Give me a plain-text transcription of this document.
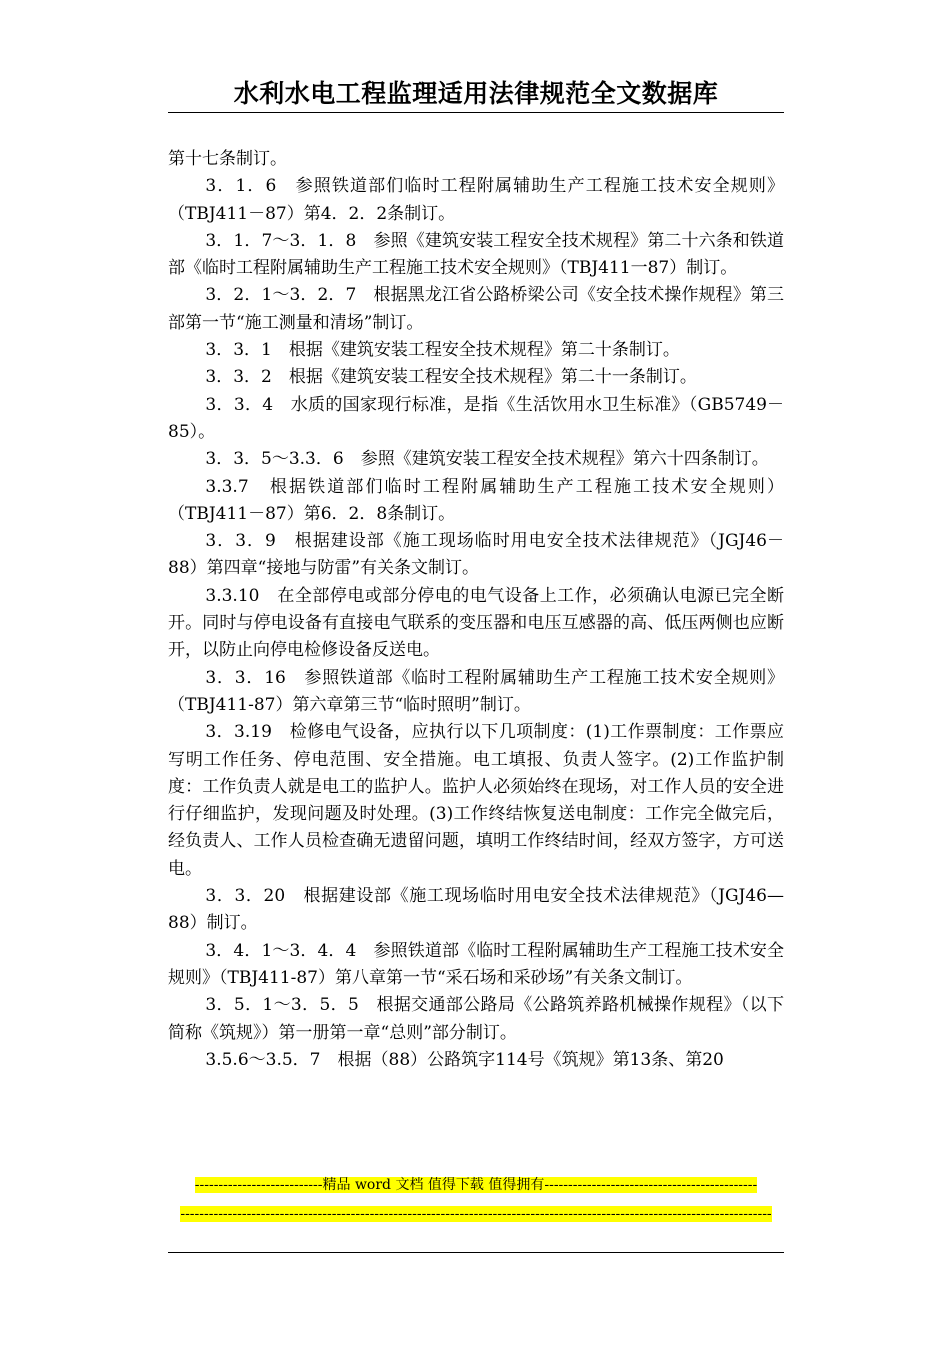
水利水电工程监理适用法律规范全文数据库

第十七条制订。

3．1．6　参照铁道部们临时工程附属辅助生产工程施工技术安全规则》（TBJ411－87）第4．2．2条制订。

3．1．7～3．1．8　参照《建筑安装工程安全技术规程》第二十六条和铁道部《临时工程附属辅助生产工程施工技术安全规则》（TBJ411一87）制订。

3．2．1～3．2．7　根据黑龙江省公路桥梁公司《安全技术操作规程》第三部第一节“施工测量和清场”制订。

3．3．1　根据《建筑安装工程安全技术规程》第二十条制订。

3．3．2　根据《建筑安装工程安全技术规程》第二十一条制订。

3．3．4　水质的国家现行标准，是指《生活饮用水卫生标准》（GB5749－85）。

3．3．5～3.3．6　参照《建筑安装工程安全技术规程》第六十四条制订。

3.3.7　根据铁道部们临时工程附属辅助生产工程施工技术安全规则）（TBJ411－87）第6．2．8条制订。

3．3．9　根据建设部《施工现场临时用电安全技术法律规范》（JGJ46－88）第四章“接地与防雷”有关条文制订。

3.3.10　在全部停电或部分停电的电气设备上工作，必须确认电源已完全断开。同时与停电设备有直接电气联系的变压器和电压互感器的高、低压两侧也应断开，以防止向停电检修设备反送电。

3．3．16　参照铁道部《临时工程附属辅助生产工程施工技术安全规则》（TBJ411-87）第六章第三节“临时照明”制订。

3．3.19　检修电气设备，应执行以下几项制度：(1)工作票制度：工作票应写明工作任务、停电范围、安全措施。电工填报、负责人签字。(2)工作监护制度：工作负责人就是电工的监护人。监护人必须始终在现场，对工作人员的安全进行仔细监护，发现问题及时处理。(3)工作终结恢复送电制度：工作完全做完后，经负责人、工作人员检查确无遗留问题，填明工作终结时间，经双方签字，方可送电。

3．3．20　根据建设部《施工现场临时用电安全技术法律规范》（JGJ46—88）制订。

3．4．1～3．4．4　参照铁道部《临时工程附属辅助生产工程施工技术安全规则》（TBJ411-87）第八章第一节“采石场和采砂场”有关条文制订。

3．5．1～3．5．5　根据交通部公路局《公路筑养路机械操作规程》（以下简称《筑规》）第一册第一章“总则”部分制订。

3.5.6～3.5．7　根据（88）公路筑字114号《筑规》第13条、第20

---------------------------精品 word 文档 值得下载 值得拥有---------------------------------------------

-----------------------------------------------------------------------------------------------------------------------------
